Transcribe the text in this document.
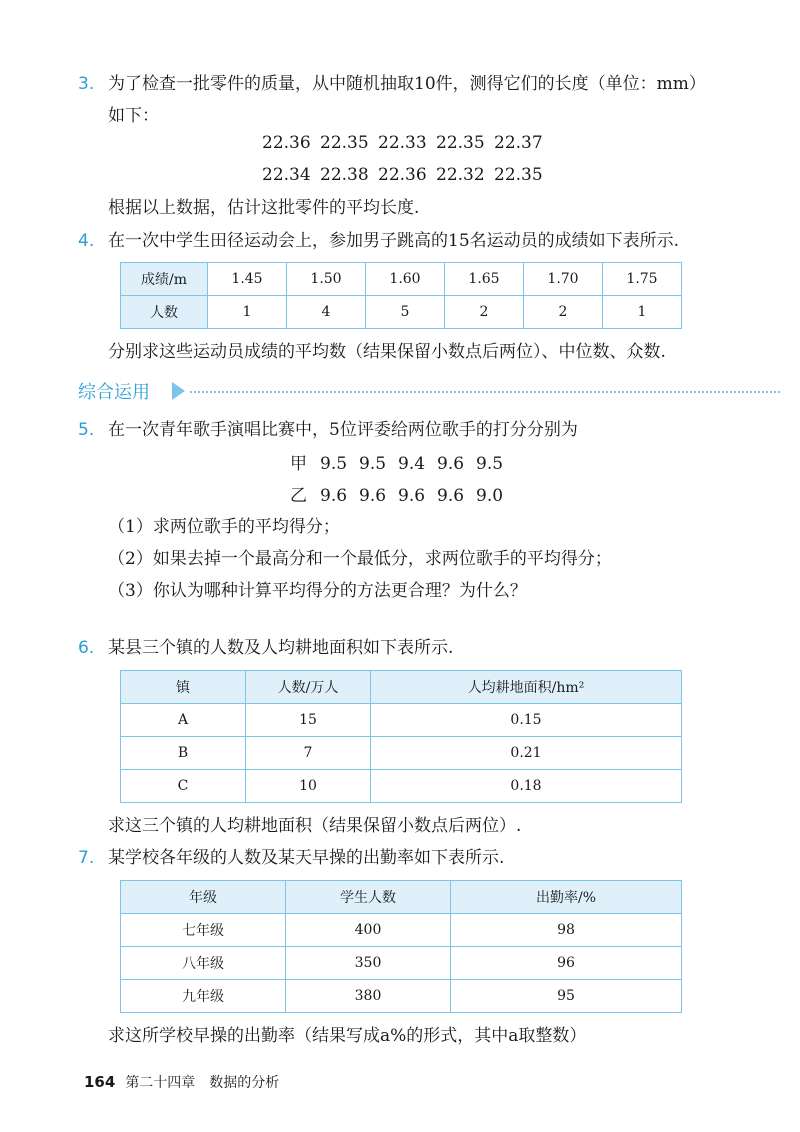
3. 为了检查一批零件的质量，从中随机抽取10件，测得它们的长度（单位：mm）
如下：
22.36 22.35 22.33 22.35 22.37
22.34 22.38 22.36 22.32 22.35
根据以上数据，估计这批零件的平均长度.
4. 在一次中学生田径运动会上，参加男子跳高的15名运动员的成绩如下表所示.
成绩/m	1.45	1.50	1.60	1.65	1.70	1.75
人数	1	4	5	2	2	1
分别求这些运动员成绩的平均数（结果保留小数点后两位）、中位数、众数.
综合运用
5. 在一次青年歌手演唱比赛中，5位评委给两位歌手的打分分别为
甲 9.5 9.5 9.4 9.6 9.5
乙 9.6 9.6 9.6 9.6 9.0
（1）求两位歌手的平均得分；
（2）如果去掉一个最高分和一个最低分，求两位歌手的平均得分；
（3）你认为哪种计算平均得分的方法更合理？为什么？
6. 某县三个镇的人数及人均耕地面积如下表所示.
镇	人数/万人	人均耕地面积/hm²
A	15	0.15
B	7	0.21
C	10	0.18
求这三个镇的人均耕地面积（结果保留小数点后两位）.
7. 某学校各年级的人数及某天早操的出勤率如下表所示.
年级	学生人数	出勤率/%
七年级	400	98
八年级	350	96
九年级	380	95
求这所学校早操的出勤率（结果写成a%的形式，其中a取整数）
164 第二十四章　数据的分析
